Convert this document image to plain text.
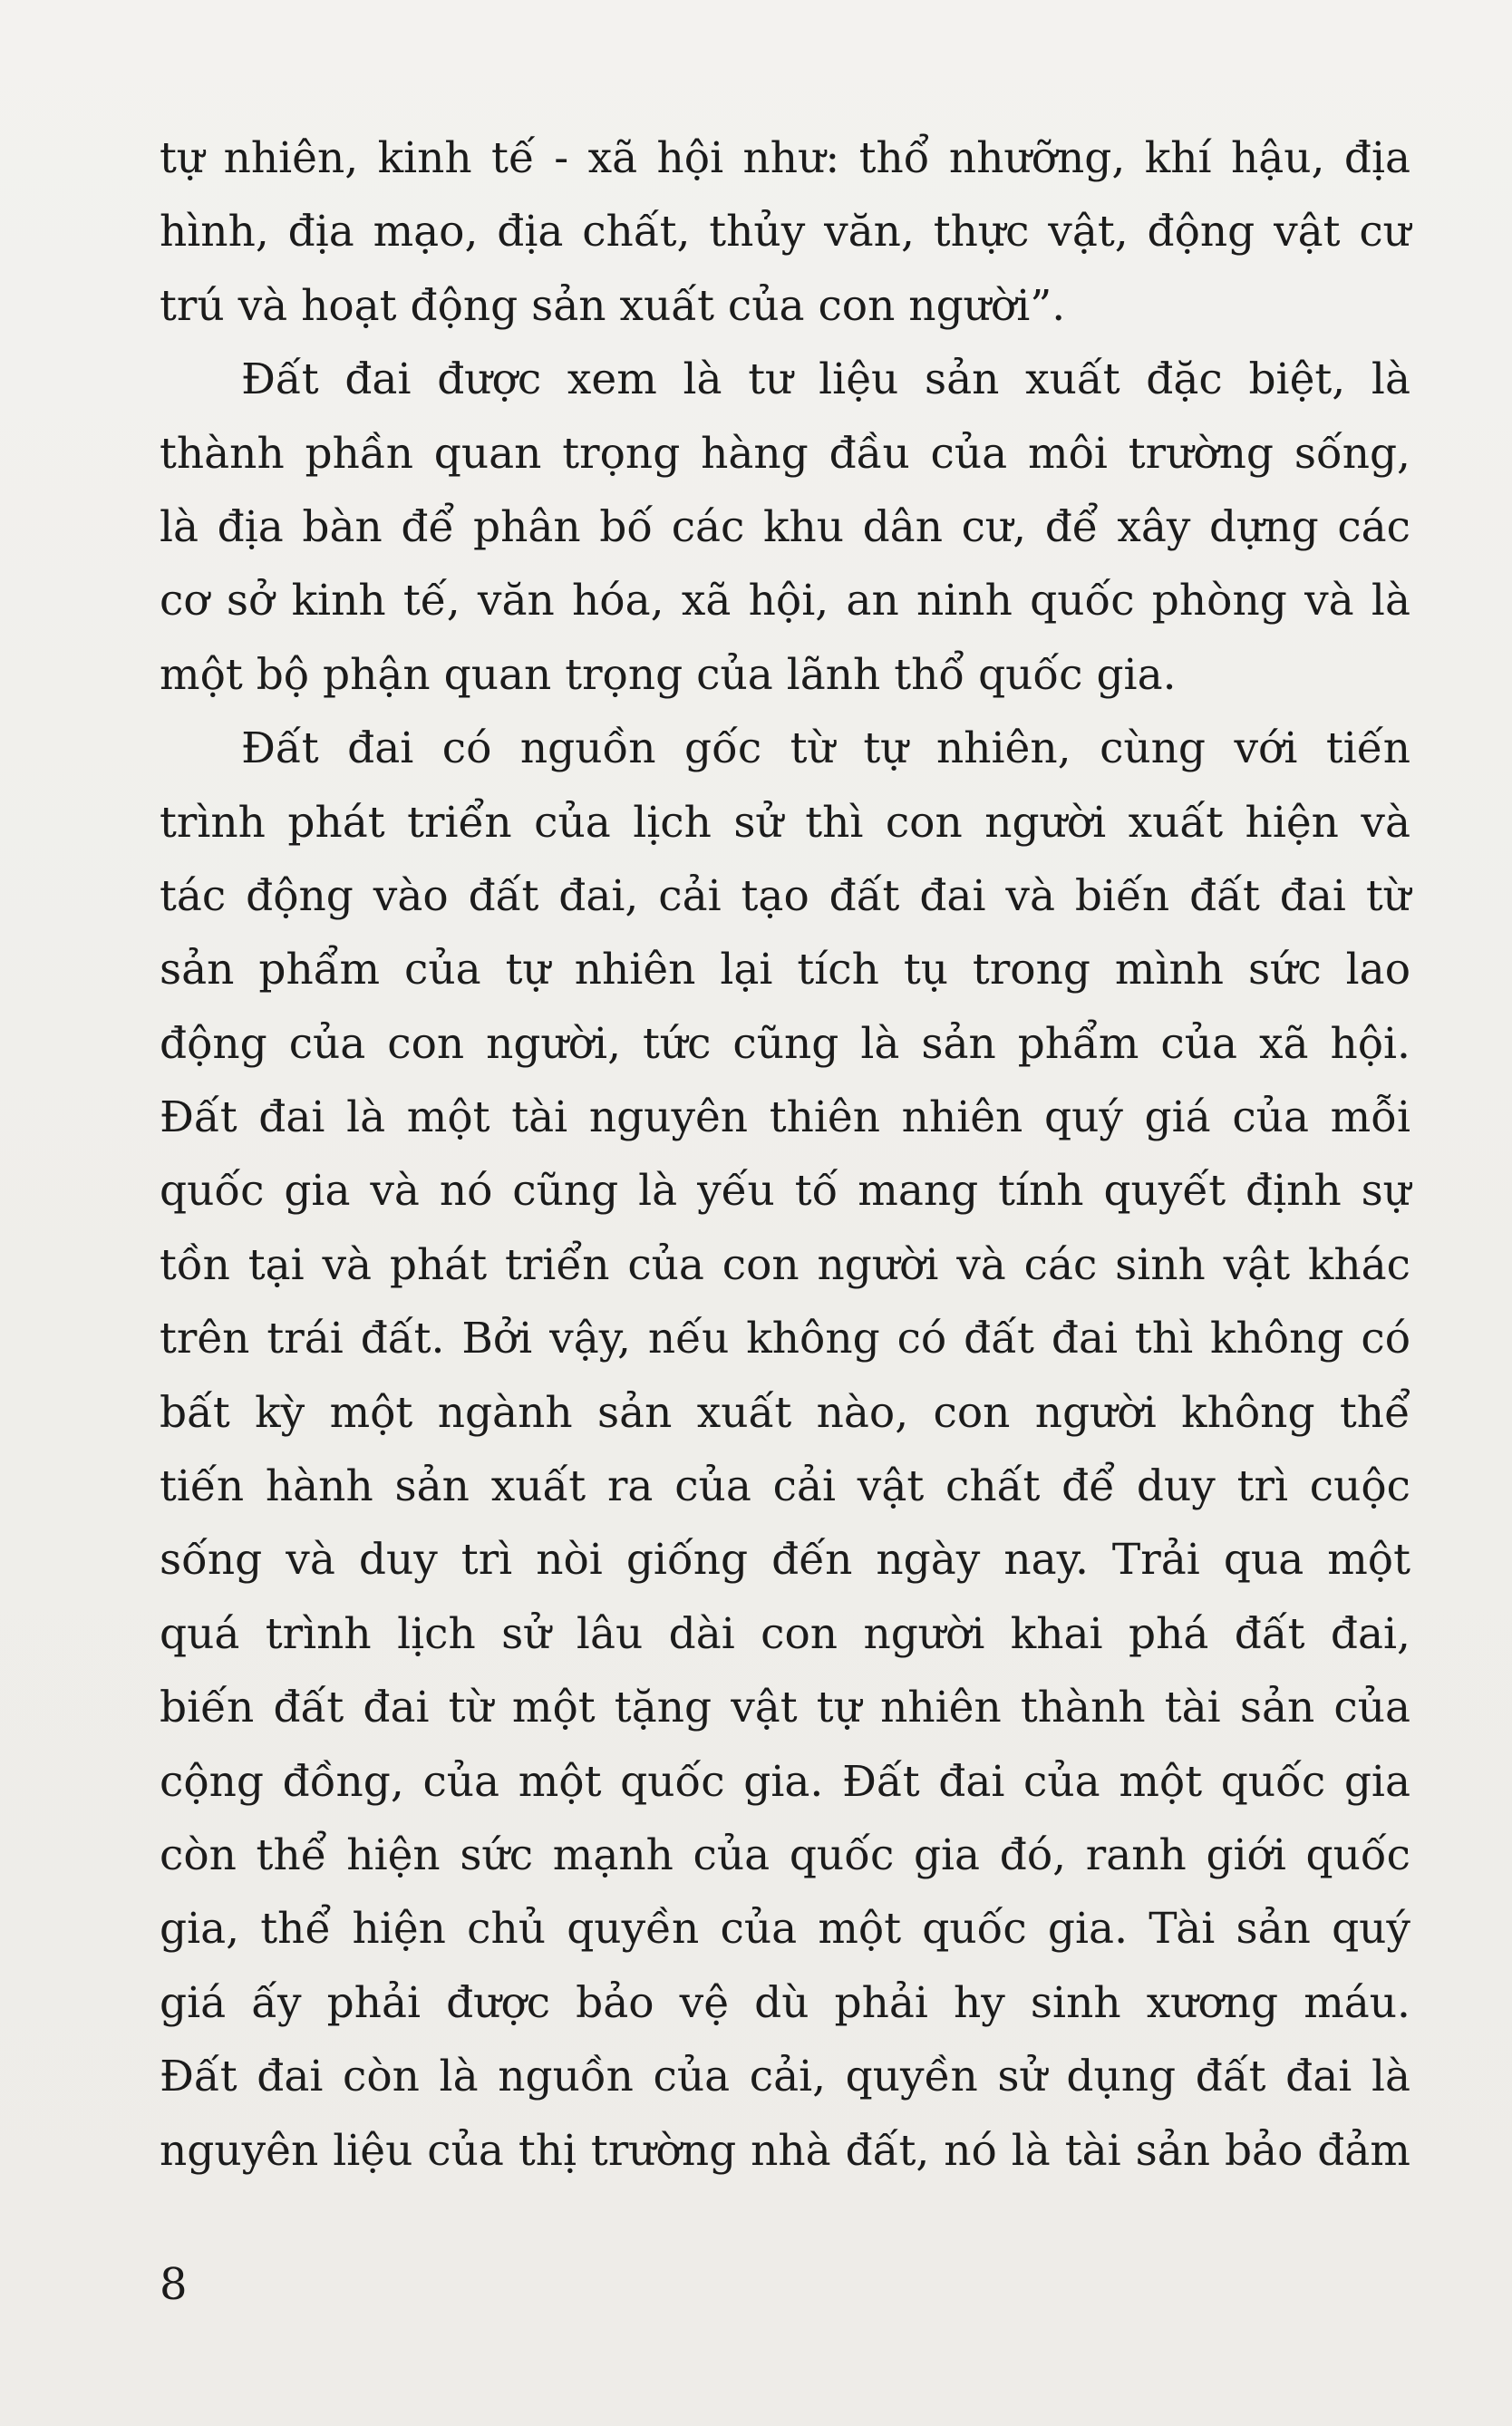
tự nhiên, kinh tế - xã hội như: thổ nhưỡng, khí hậu, địa
hình, địa mạo, địa chất, thủy văn, thực vật, động vật cư
trú và hoạt động sản xuất của con người”.
Đất đai được xem là tư liệu sản xuất đặc biệt, là
thành phần quan trọng hàng đầu của môi trường sống,
là địa bàn để phân bố các khu dân cư, để xây dựng các
cơ sở kinh tế, văn hóa, xã hội, an ninh quốc phòng và là
một bộ phận quan trọng của lãnh thổ quốc gia.
Đất đai có nguồn gốc từ tự nhiên, cùng với tiến
trình phát triển của lịch sử thì con người xuất hiện và
tác động vào đất đai, cải tạo đất đai và biến đất đai từ
sản phẩm của tự nhiên lại tích tụ trong mình sức lao
động của con người, tức cũng là sản phẩm của xã hội.
Đất đai là một tài nguyên thiên nhiên quý giá của mỗi
quốc gia và nó cũng là yếu tố mang tính quyết định sự
tồn tại và phát triển của con người và các sinh vật khác
trên trái đất. Bởi vậy, nếu không có đất đai thì không có
bất kỳ một ngành sản xuất nào, con người không thể
tiến hành sản xuất ra của cải vật chất để duy trì cuộc
sống và duy trì nòi giống đến ngày nay. Trải qua một
quá trình lịch sử lâu dài con người khai phá đất đai,
biến đất đai từ một tặng vật tự nhiên thành tài sản của
cộng đồng, của một quốc gia. Đất đai của một quốc gia
còn thể hiện sức mạnh của quốc gia đó, ranh giới quốc
gia, thể hiện chủ quyền của một quốc gia. Tài sản quý
giá ấy phải được bảo vệ dù phải hy sinh xương máu.
Đất đai còn là nguồn của cải, quyền sử dụng đất đai là
nguyên liệu của thị trường nhà đất, nó là tài sản bảo đảm
8
